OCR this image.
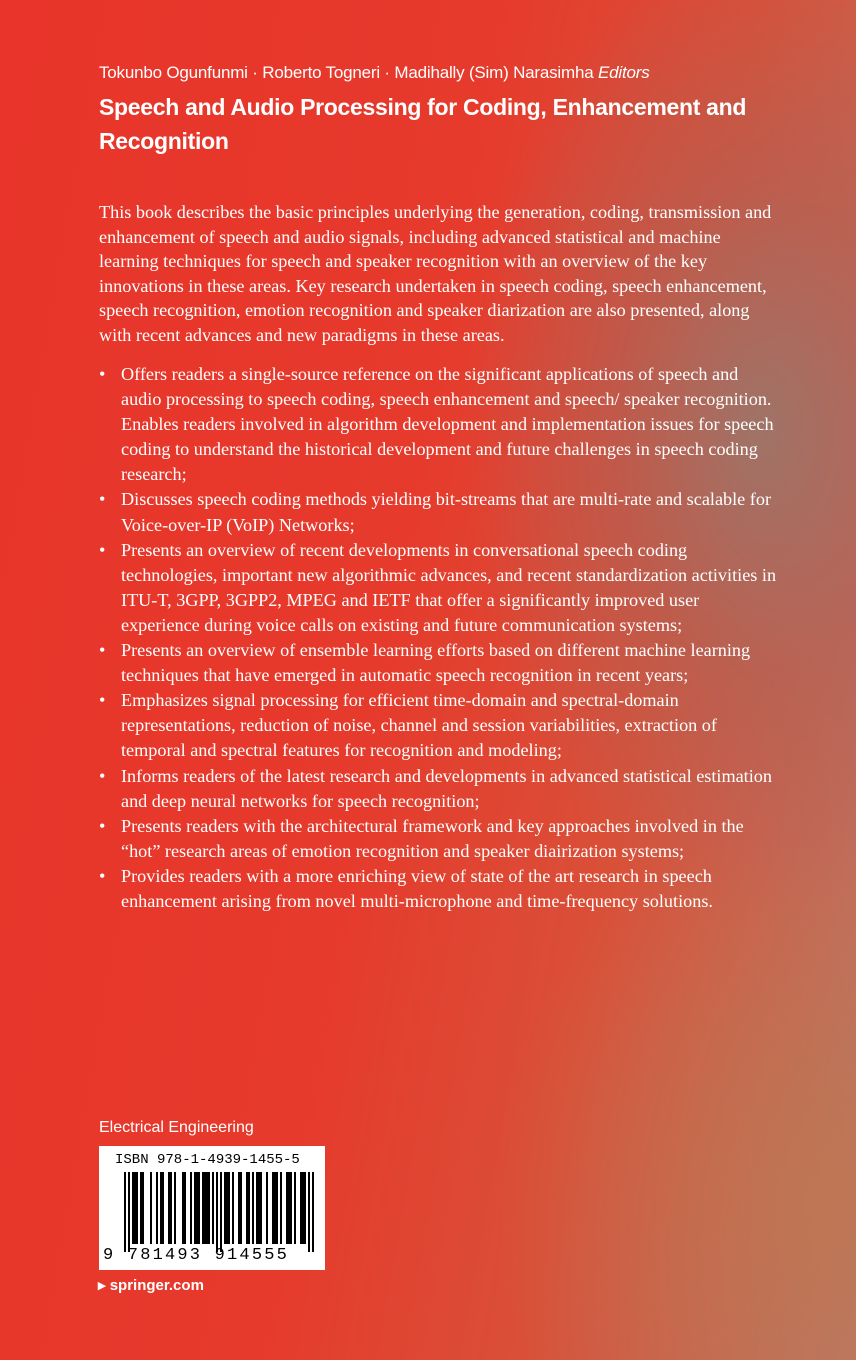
Tokunbo Ogunfunmi · Roberto Togneri · Madihally (Sim) Narasimha Editors
Speech and Audio Processing for Coding, Enhancement and Recognition

This book describes the basic principles underlying the generation, coding, transmission and enhancement of speech and audio signals, including advanced statistical and machine learning techniques for speech and speaker recognition with an overview of the key innovations in these areas. Key research undertaken in speech coding, speech enhancement, speech recognition, emotion recognition and speaker diarization are also presented, along with recent advances and new paradigms in these areas.

• Offers readers a single-source reference on the significant applications of speech and audio processing to speech coding, speech enhancement and speech/ speaker recognition. Enables readers involved in algorithm development and implementation issues for speech coding to understand the historical development and future challenges in speech coding research;
• Discusses speech coding methods yielding bit-streams that are multi-rate and scalable for Voice-over-IP (VoIP) Networks;
• Presents an overview of recent developments in conversational speech coding technologies, important new algorithmic advances, and recent standardization activities in ITU-T, 3GPP, 3GPP2, MPEG and IETF that offer a significantly improved user experience during voice calls on existing and future communication systems;
• Presents an overview of ensemble learning efforts based on different machine learning techniques that have emerged in automatic speech recognition in recent years;
• Emphasizes signal processing for efficient time-domain and spectral-domain representations, reduction of noise, channel and session variabilities, extraction of temporal and spectral features for recognition and modeling;
• Informs readers of the latest research and developments in advanced statistical estimation and deep neural networks for speech recognition;
• Presents readers with the architectural framework and key approaches involved in the “hot” research areas of emotion recognition and speaker diairization systems;
• Provides readers with a more enriching view of state of the art research in speech enhancement arising from novel multi-microphone and time-frequency solutions.
Electrical Engineering
ISBN 978-1-4939-1455-5
9 781493 914555
▸ springer.com
